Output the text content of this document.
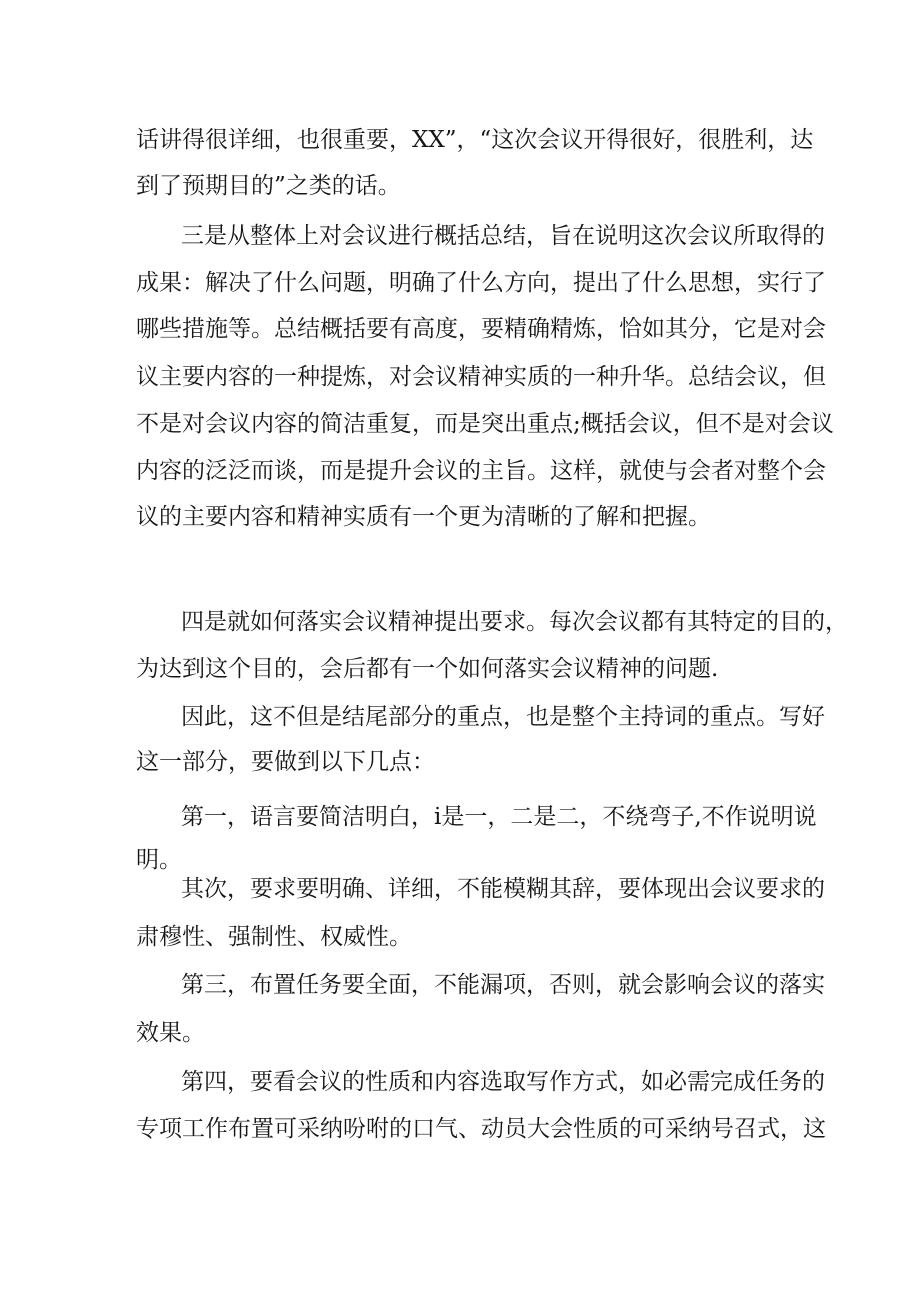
话讲得很详细，也很重要，XX”，“这次会议开得很好，很胜利，达
到了预期目的”之类的话。
三是从整体上对会议进行概括总结，旨在说明这次会议所取得的
成果：解决了什么问题，明确了什么方向，提出了什么思想，实行了
哪些措施等。总结概括要有高度，要精确精炼，恰如其分，它是对会
议主要内容的一种提炼，对会议精神实质的一种升华。总结会议，但
不是对会议内容的简洁重复，而是突出重点;概括会议，但不是对会议
内容的泛泛而谈，而是提升会议的主旨。这样，就使与会者对整个会
议的主要内容和精神实质有一个更为清晰的了解和把握。
四是就如何落实会议精神提出要求。每次会议都有其特定的目的，
为达到这个目的，会后都有一个如何落实会议精神的问题.
因此，这不但是结尾部分的重点，也是整个主持词的重点。写好
这一部分，要做到以下几点：
第一，语言要简洁明白，i是一，二是二，不绕弯子,不作说明说
明。
其次，要求要明确、详细，不能模糊其辞，要体现出会议要求的
肃穆性、强制性、权威性。
第三，布置任务要全面，不能漏项，否则，就会影响会议的落实
效果。
第四，要看会议的性质和内容选取写作方式，如必需完成任务的
专项工作布置可采纳吩咐的口气、动员大会性质的可采纳号召式，这
